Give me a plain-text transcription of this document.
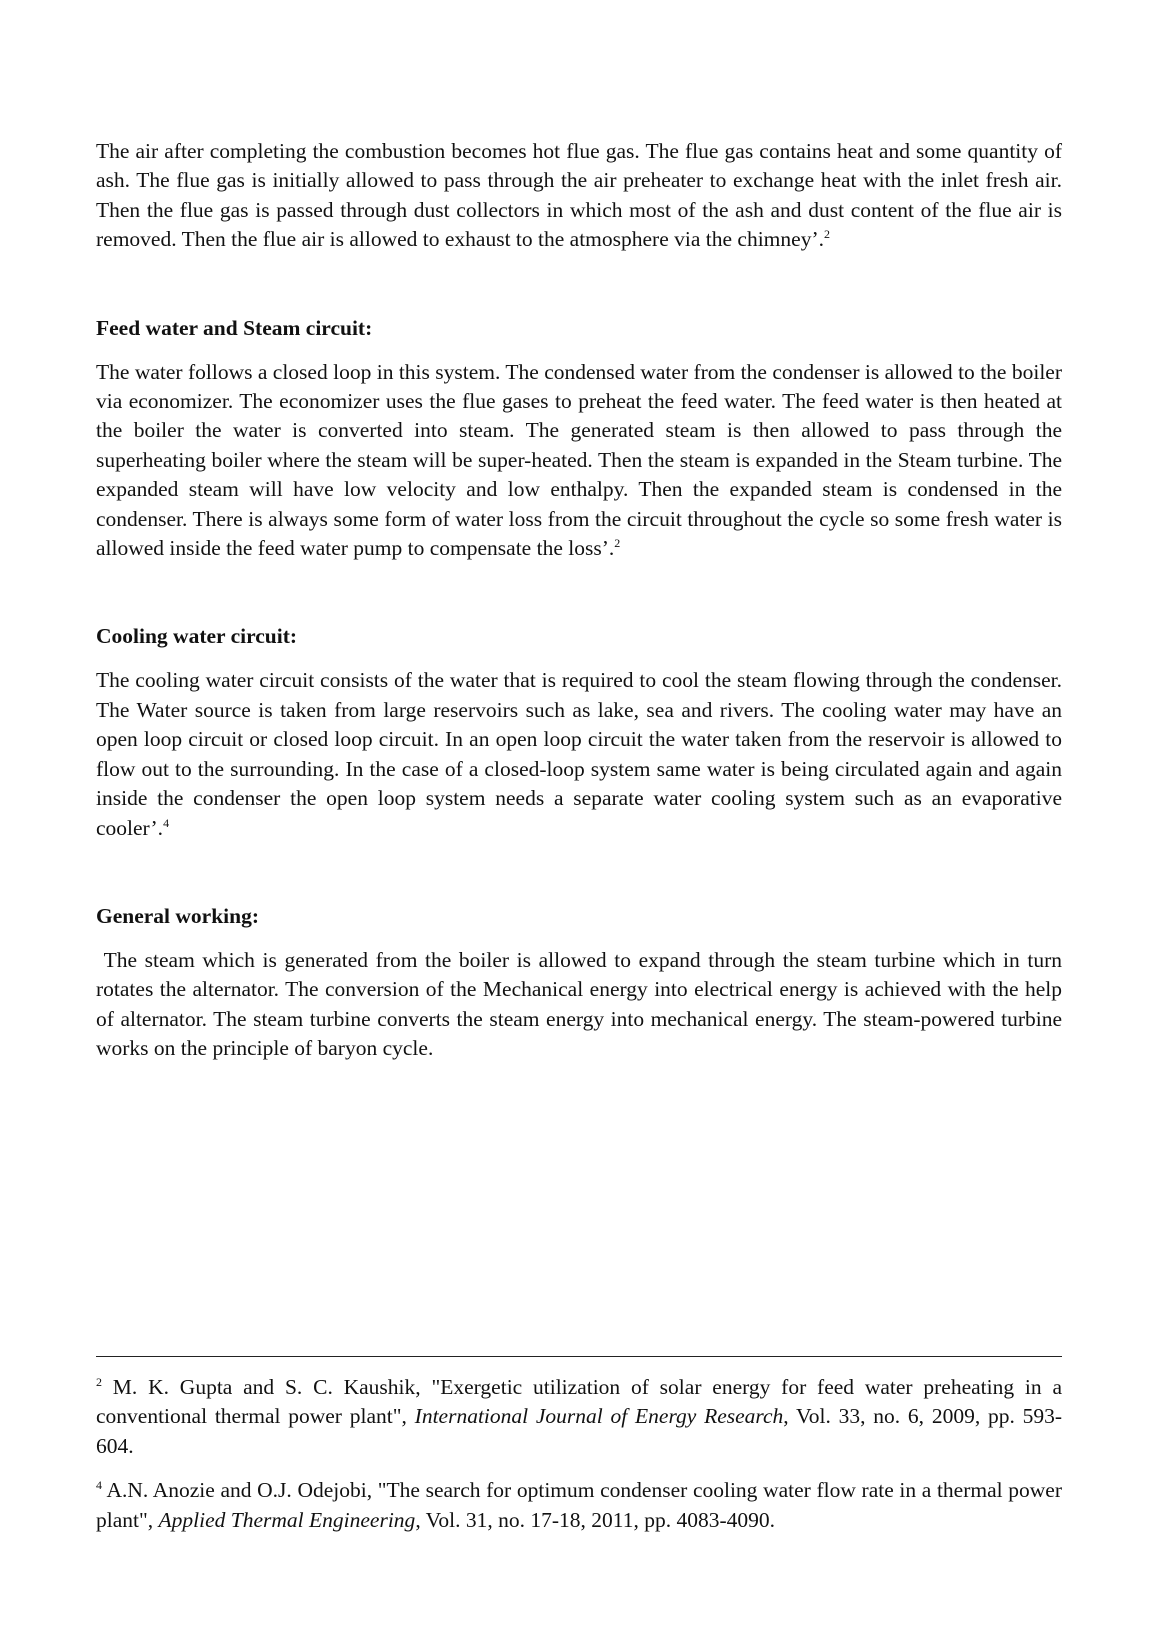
The air after completing the combustion becomes hot flue gas. The flue gas contains heat and some quantity of ash. The flue gas is initially allowed to pass through the air preheater to exchange heat with the inlet fresh air. Then the flue gas is passed through dust collectors in which most of the ash and dust content of the flue air is removed. Then the flue air is allowed to exhaust to the atmosphere via the chimney’.$^2$

Feed water and Steam circuit:

The water follows a closed loop in this system. The condensed water from the condenser is allowed to the boiler via economizer. The economizer uses the flue gases to preheat the feed water. The feed water is then heated at the boiler the water is converted into steam. The generated steam is then allowed to pass through the superheating boiler where the steam will be super-heated. Then the steam is expanded in the Steam turbine. The expanded steam will have low velocity and low enthalpy. Then the expanded steam is condensed in the condenser. There is always some form of water loss from the circuit throughout the cycle so some fresh water is allowed inside the feed water pump to compensate the loss’.$^2$

Cooling water circuit:

The cooling water circuit consists of the water that is required to cool the steam flowing through the condenser. The Water source is taken from large reservoirs such as lake, sea and rivers. The cooling water may have an open loop circuit or closed loop circuit. In an open loop circuit the water taken from the reservoir is allowed to flow out to the surrounding. In the case of a closed-loop system same water is being circulated again and again inside the condenser the open loop system needs a separate water cooling system such as an evaporative cooler’.$^4$

General working:

The steam which is generated from the boiler is allowed to expand through the steam turbine which in turn rotates the alternator. The conversion of the Mechanical energy into electrical energy is achieved with the help of alternator. The steam turbine converts the steam energy into mechanical energy. The steam-powered turbine works on the principle of baryon cycle.

$^2$ M. K. Gupta and S. C. Kaushik, "Exergetic utilization of solar energy for feed water preheating in a conventional thermal power plant", International Journal of Energy Research, Vol. 33, no. 6, 2009, pp. 593-604.

$^4$ A.N. Anozie and O.J. Odejobi, "The search for optimum condenser cooling water flow rate in a thermal power plant", Applied Thermal Engineering, Vol. 31, no. 17-18, 2011, pp. 4083-4090.
